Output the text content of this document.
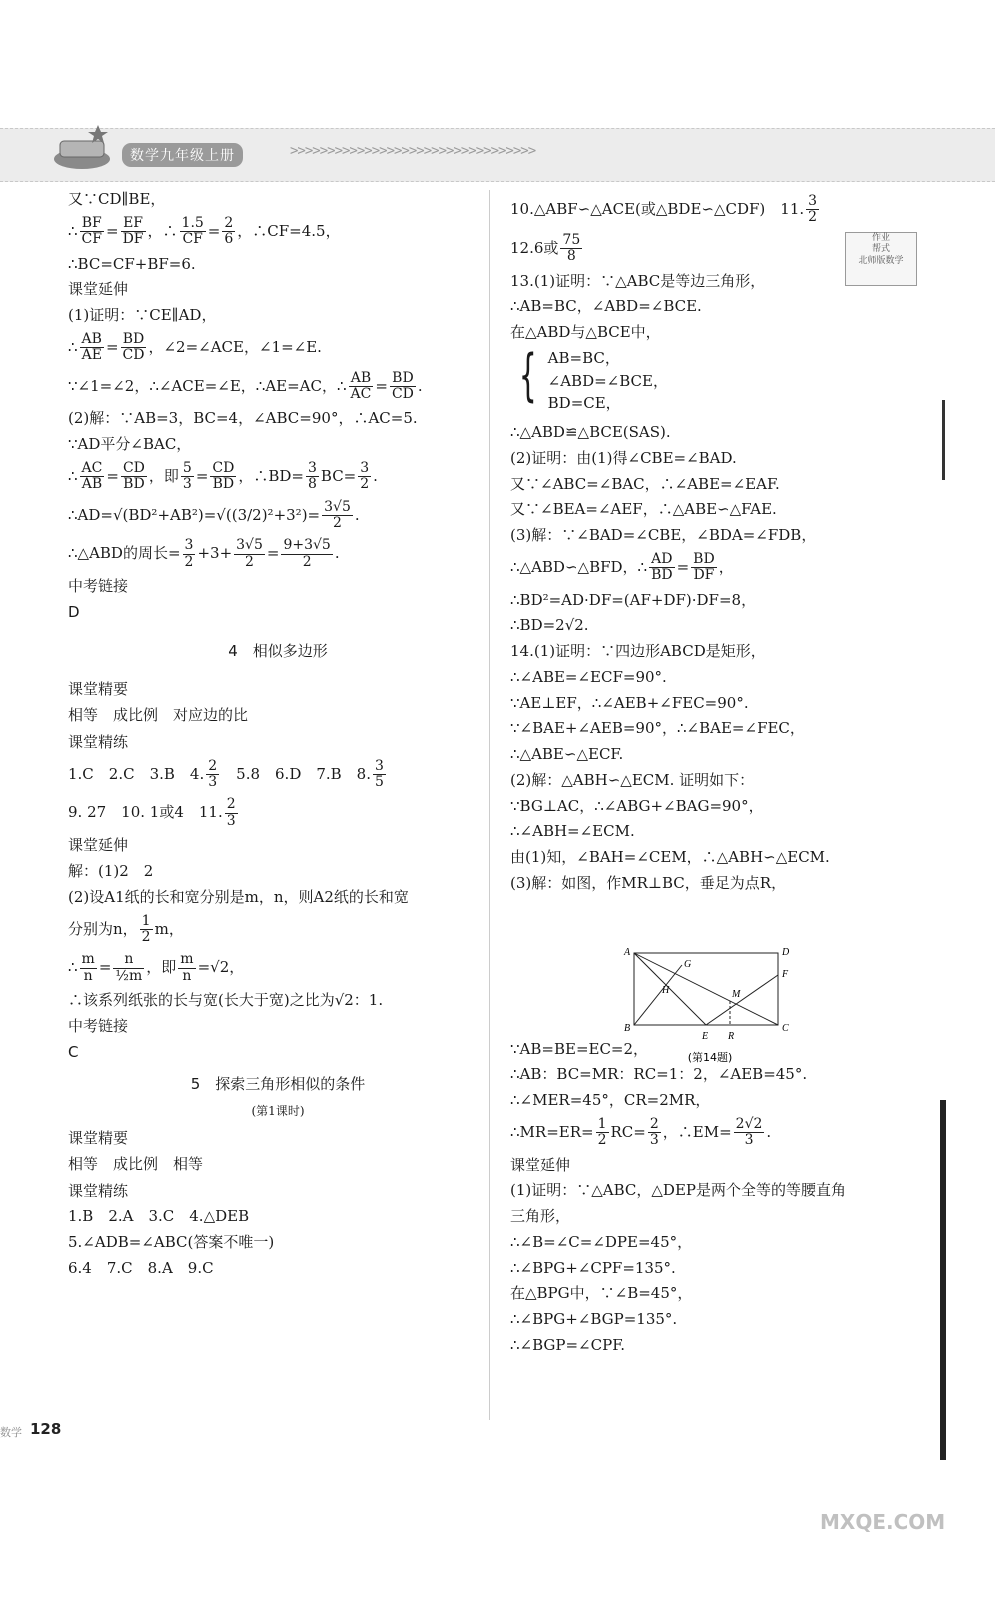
数学九年级上册	>>>>>>>>>>>>>>>>>>>>>>>>>>>>>>>>>
作业
帮式
北师版数学
又∵CD∥BE，
∴ $\frac{BF}{CF} = \frac{EF}{DF}$ ，∴ $\frac{1.5}{CF} = \frac{2}{6}$ ，∴CF=4.5，
∴BC=CF+BF=6.
课堂延伸
(1)证明：∵CE∥AD，
∴ $\frac{AB}{AE} = \frac{BD}{CD}$ ，∠2=∠ACE，∠1=∠E.
∵∠1=∠2，∴∠ACE=∠E，∴AE=AC，∴ $\frac{AB}{AC} = \frac{BD}{CD}$ .
(2)解：∵AB=3，BC=4，∠ABC=90°，∴AC=5.
∵AD平分∠BAC，
∴ $\frac{AC}{AB} = \frac{CD}{BD}$ ，即 $\frac{5}{3} = \frac{CD}{BD}$ ，∴BD= $\frac{3}{8} BC= \frac{3}{2}$ .
∴AD=√(BD²+AB²)=√((3/2)²+3²)= $\frac{3√5}{2}$ .
∴△ABD的周长= $\frac{3}{2} +3+ \frac{3√5}{2} = \frac{9+3√5}{2}$ .
中考链接
D
4　相似多边形
课堂精要
相等　成比例　对应边的比
课堂精练
1.C　2.C　3.B　4. $\frac{2}{3}$ 　5.8　6.D　7.B　8. $\frac{3}{5}$
9. 27　10. 1或4　11. $\frac{2}{3}$
课堂延伸
解：(1)2　2
(2)设A1纸的长和宽分别是m，n，则A2纸的长和宽
分别为n， $\frac{1}{2}$ m，
∴ $\frac{m}{n} = \frac{n}{\text{½m}}$ ，即 $\frac{m}{n} =√2$，
∴该系列纸张的长与宽(长大于宽)之比为√2：1.
中考链接
C
5　探索三角形相似的条件
(第1课时)
课堂精要
相等　成比例　相等
课堂精练
1.B　2.A　3.C　4.△DEB
5.∠ADB=∠ABC(答案不唯一)
6.4　7.C　8.A　9.C
10.△ABF∽△ACE(或△BDE∽△CDF)　11. $\frac{3}{2}$
12.6或 $\frac{75}{8}$
13.(1)证明：∵△ABC是等边三角形，
∴AB=BC，∠ABD=∠BCE.
在△ABD与△BCE中，
{ AB=BC，
∠ABD=∠BCE，
BD=CE，
∴△ABD≌△BCE(SAS).
(2)证明：由(1)得∠CBE=∠BAD.
又∵∠ABC=∠BAC，∴∠ABE=∠EAF.
又∵∠BEA=∠AEF，∴△ABE∽△FAE.
(3)解：∵∠BAD=∠CBE，∠BDA=∠FDB，
∴△ABD∽△BFD，∴ $\frac{AD}{BD} = \frac{BD}{DF}$ ，
∴BD²=AD·DF=(AF+DF)·DF=8，
∴BD=2√2.
14.(1)证明：∵四边形ABCD是矩形，
∴∠ABE=∠ECF=90°.
∵AE⊥EF，∴∠AEB+∠FEC=90°.
∵∠BAE+∠AEB=90°，∴∠BAE=∠FEC，
∴△ABE∽△ECF.
(2)解：△ABH∽△ECM. 证明如下：
∵BG⊥AC，∴∠ABG+∠BAG=90°，
∴∠ABH=∠ECM.
由(1)知，∠BAH=∠CEM，∴△ABH∽△ECM.
(3)解：如图，作MR⊥BC，垂足为点R，
∵AB=BE=EC=2，
∴AB：BC=MR：RC=1：2，∠AEB=45°.
∴∠MER=45°，CR=2MR，
∴MR=ER= $\frac{1}{2} RC= \frac{2}{3}$ ，∴EM= $\frac{2√2}{3}$ .
课堂延伸
(1)证明：∵△ABC，△DEP是两个全等的等腰直角
三角形，
∴∠B=∠C=∠DPE=45°，
∴∠BPG+∠CPF=135°.
在△BPG中，∵∠B=45°，
∴∠BPG+∠BGP=135°.
∴∠BGP=∠CPF.
A
B	C
D
E
F
G
H	M
R
(第14题)
数学 128
MXQE.COM
